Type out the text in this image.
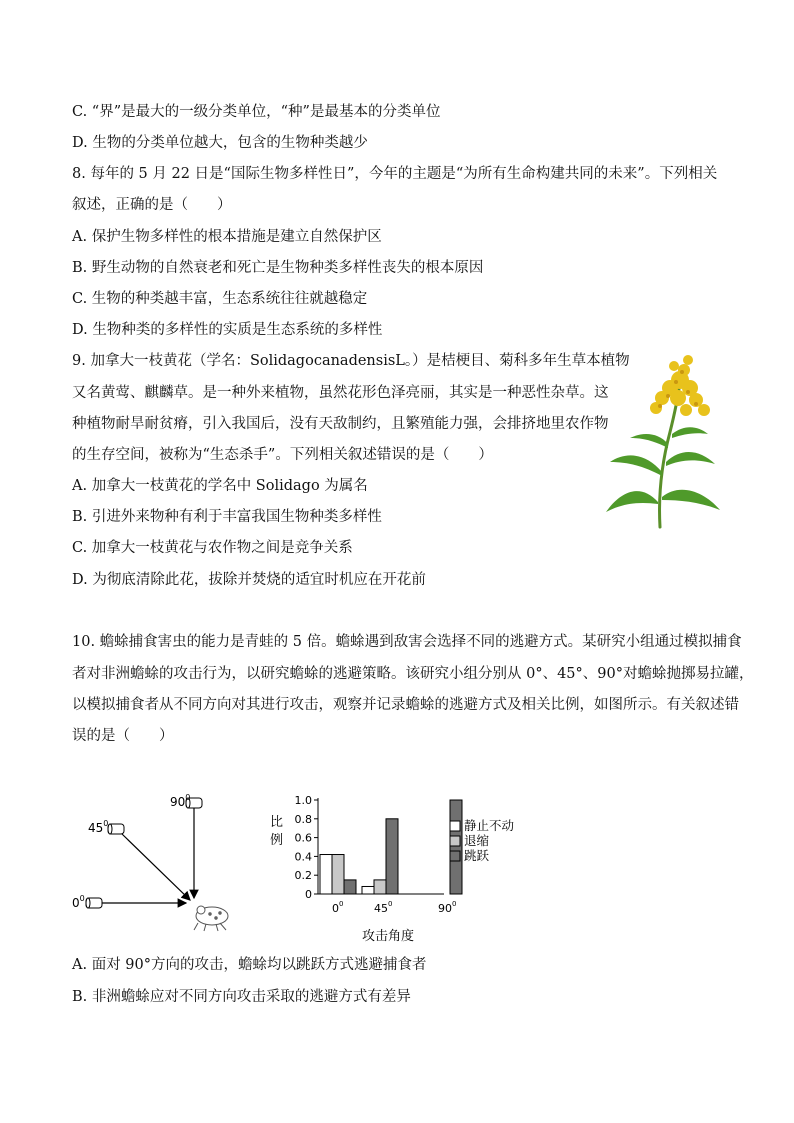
C. “界”是最大的一级分类单位，“种”是最基本的分类单位
D. 生物的分类单位越大，包含的生物种类越少
8. 每年的 5 月 22 日是“国际生物多样性日”，今年的主题是“为所有生命构建共同的未来”。下列相关
叙述，正确的是（　　）
A. 保护生物多样性的根本措施是建立自然保护区
B. 野生动物的自然衰老和死亡是生物种类多样性丧失的根本原因
C. 生物的种类越丰富，生态系统往往就越稳定
D. 生物种类的多样性的实质是生态系统的多样性
9. 加拿大一枝黄花（学名：SolidagocanadensisL。）是桔梗目、菊科多年生草本植物
又名黄莺、麒麟草。是一种外来植物，虽然花形色泽亮丽，其实是一种恶性杂草。这
种植物耐旱耐贫瘠，引入我国后，没有天敌制约，且繁殖能力强，会排挤地里农作物
的生存空间，被称为“生态杀手”。下列相关叙述错误的是（　　）
A. 加拿大一枝黄花的学名中 Solidago 为属名
B. 引进外来物种有利于丰富我国生物种类多样性
C. 加拿大一枝黄花与农作物之间是竞争关系
D. 为彻底清除此花，拔除并焚烧的适宜时机应在开花前
10. 蟾蜍捕食害虫的能力是青蛙的 5 倍。蟾蜍遇到敌害会选择不同的逃避方式。某研究小组通过模拟捕食
者对非洲蟾蜍的攻击行为，以研究蟾蜍的逃避策略。该研究小组分别从 0°、45°、90°对蟾蜍抛掷易拉罐，
以模拟捕食者从不同方向对其进行攻击，观察并记录蟾蜍的逃避方式及相关比例，如图所示。有关叙述错
误的是（　　）
A. 面对 90°方向的攻击，蟾蜍均以跳跃方式逃避捕食者
B. 非洲蟾蜍应对不同方向攻击采取的逃避方式有差异
$90^0$
$45^0$
$0^0$
1.0
0.8
0.6
0.4
0.2
0
$0^0$	$45^0$	$90^0$
静止不动
退缩
跳跃
比
例
攻击角度
